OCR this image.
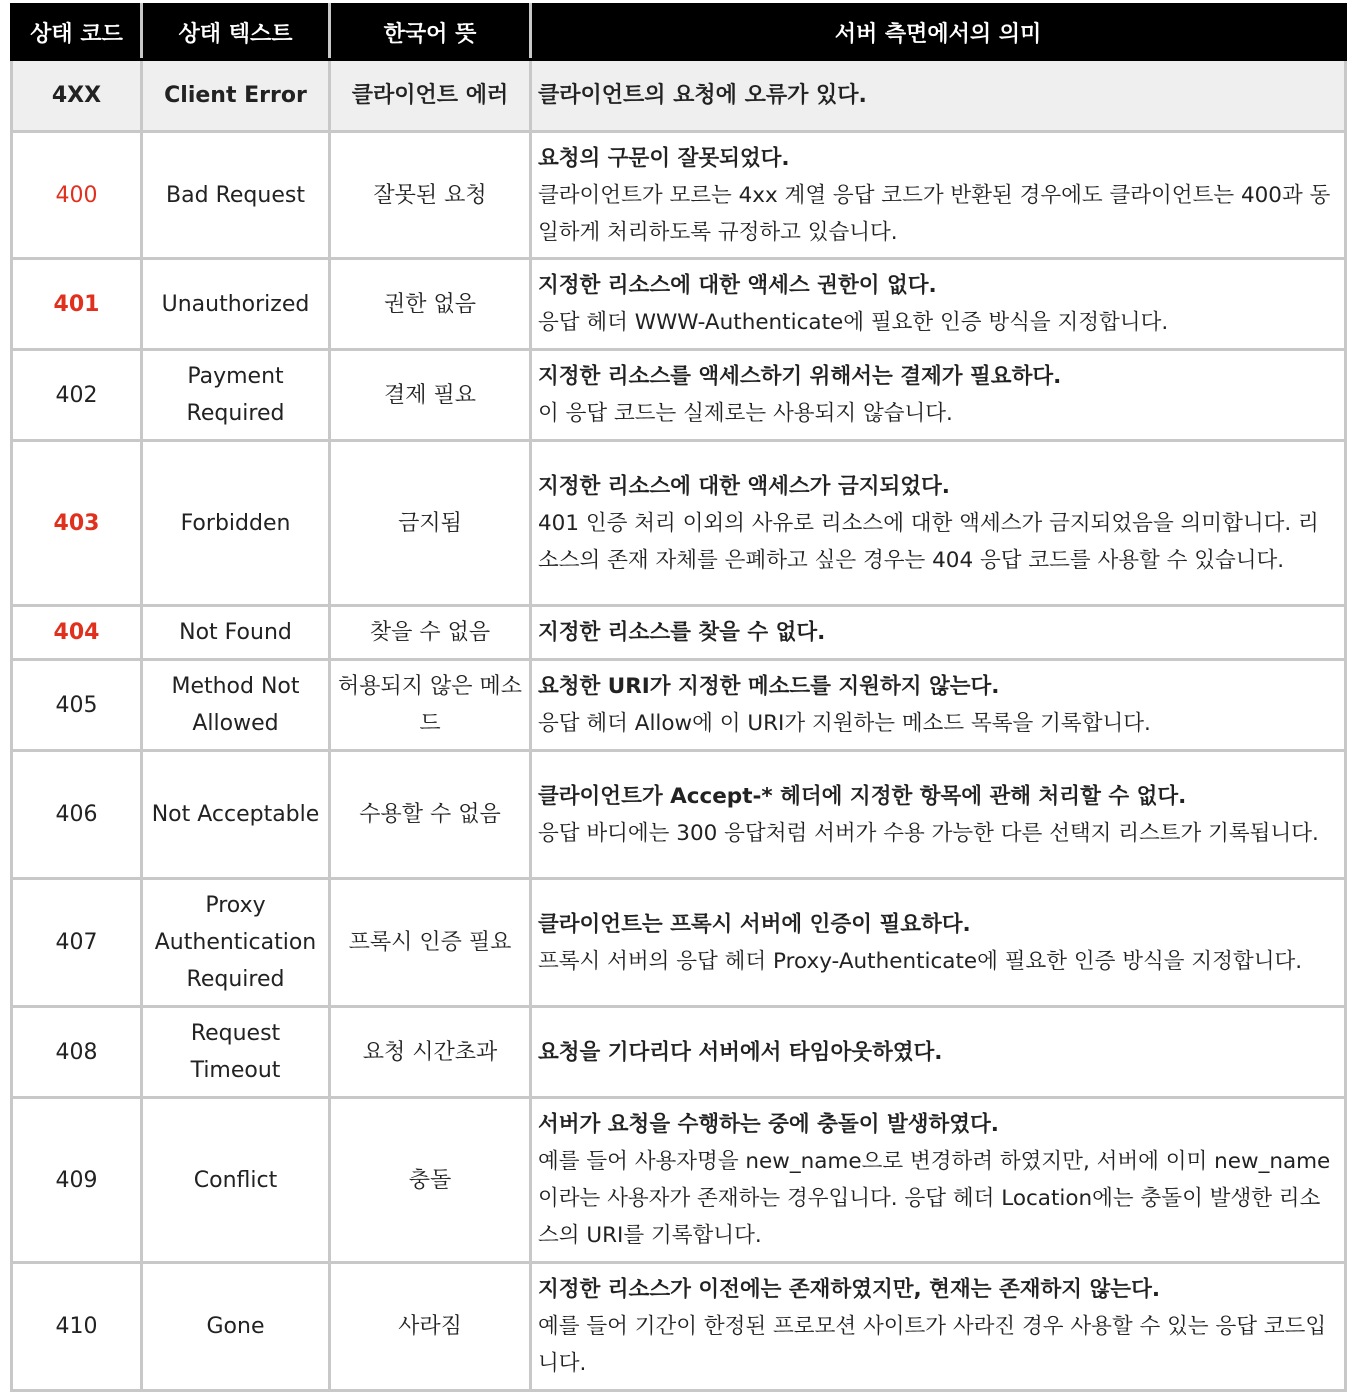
상태 코드	상태 텍스트	한국어 뜻	서버 측면에서의 의미
4XX	Client Error	클라이언트 에러	클라이언트의 요청에 오류가 있다.
400	Bad Request	잘못된 요청	요청의 구문이 잘못되었다.
클라이언트가 모르는 4xx 계열 응답 코드가 반환된 경우에도 클라이언트는 400과 동일하게 처리하도록 규정하고 있습니다.

401	Unauthorized	권한 없음	지정한 리소스에 대한 액세스 권한이 없다.
응답 헤더 WWW-Authenticate에 필요한 인증 방식을 지정합니다.

402	Payment Required	결제 필요	지정한 리소스를 액세스하기 위해서는 결제가 필요하다.
이 응답 코드는 실제로는 사용되지 않습니다.

403	Forbidden	금지됨	지정한 리소스에 대한 액세스가 금지되었다.
401 인증 처리 이외의 사유로 리소스에 대한 액세스가 금지되었음을 의미합니다. 리소스의 존재 자체를 은폐하고 싶은 경우는 404 응답 코드를 사용할 수 있습니다.

404	Not Found	찾을 수 없음	지정한 리소스를 찾을 수 없다.

405	Method Not Allowed	허용되지 않은 메소드	요청한 URI가 지정한 메소드를 지원하지 않는다.
응답 헤더 Allow에 이 URI가 지원하는 메소드 목록을 기록합니다.

406	Not Acceptable	수용할 수 없음	클라이언트가 Accept-* 헤더에 지정한 항목에 관해 처리할 수 없다.
응답 바디에는 300 응답처럼 서버가 수용 가능한 다른 선택지 리스트가 기록됩니다.

407	Proxy Authentication Required	프록시 인증 필요	클라이언트는 프록시 서버에 인증이 필요하다.
프록시 서버의 응답 헤더 Proxy-Authenticate에 필요한 인증 방식을 지정합니다.

408	Request Timeout	요청 시간초과	요청을 기다리다 서버에서 타임아웃하였다.

409	Conflict	충돌	서버가 요청을 수행하는 중에 충돌이 발생하였다.
예를 들어 사용자명을 new_name으로 변경하려 하였지만, 서버에 이미 new_name이라는 사용자가 존재하는 경우입니다. 응답 헤더 Location에는 충돌이 발생한 리소스의 URI를 기록합니다.

410	Gone	사라짐	지정한 리소스가 이전에는 존재하였지만, 현재는 존재하지 않는다.
예를 들어 기간이 한정된 프로모션 사이트가 사라진 경우 사용할 수 있는 응답 코드입니다.
